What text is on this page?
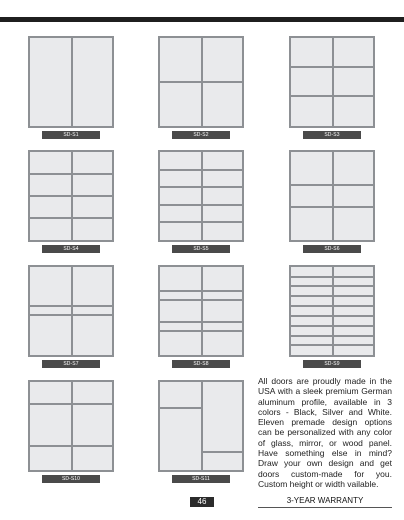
SD-S1	SD-S2	SD-S3
SD-S4	SD-S5	SD-S6
SD-S7	SD-S8	SD-S9
SD-S10	SD-S11

All doors are proudly made in the USA with a sleek premium German aluminum profile, available in 3 colors - Black, Silver and White. Eleven premade design options can be personalized with any color of glass, mirror, or wood panel. Have something else in mind? Draw your own design and get doors custom-made for you. Custom height or width vailable.

46	3-YEAR WARRANTY
